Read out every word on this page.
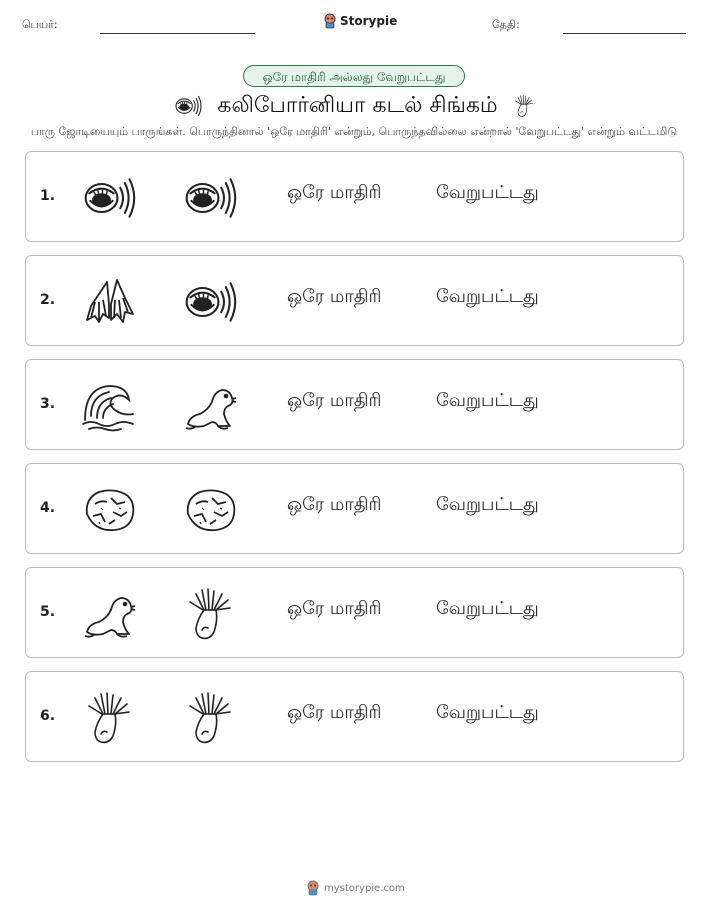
பெயர்:	Storypie	தேதி:
ஒரே மாதிரி அல்லது வேறுபட்டது
கலிபோர்னியா கடல் சிங்கம்
பாரு ஜோடியையும் பாருங்கள். பொருந்தினால் 'ஒரே மாதிரி' என்றும், பொருந்தவில்லை என்றால் 'வேறுபட்டது' என்றும் வட்டமிடு
1.	ஒரே மாதிரி	வேறுபட்டது
2.	ஒரே மாதிரி	வேறுபட்டது
3.	ஒரே மாதிரி	வேறுபட்டது
4.	ஒரே மாதிரி	வேறுபட்டது
5.	ஒரே மாதிரி	வேறுபட்டது
6.	ஒரே மாதிரி	வேறுபட்டது
mystorypie.com
